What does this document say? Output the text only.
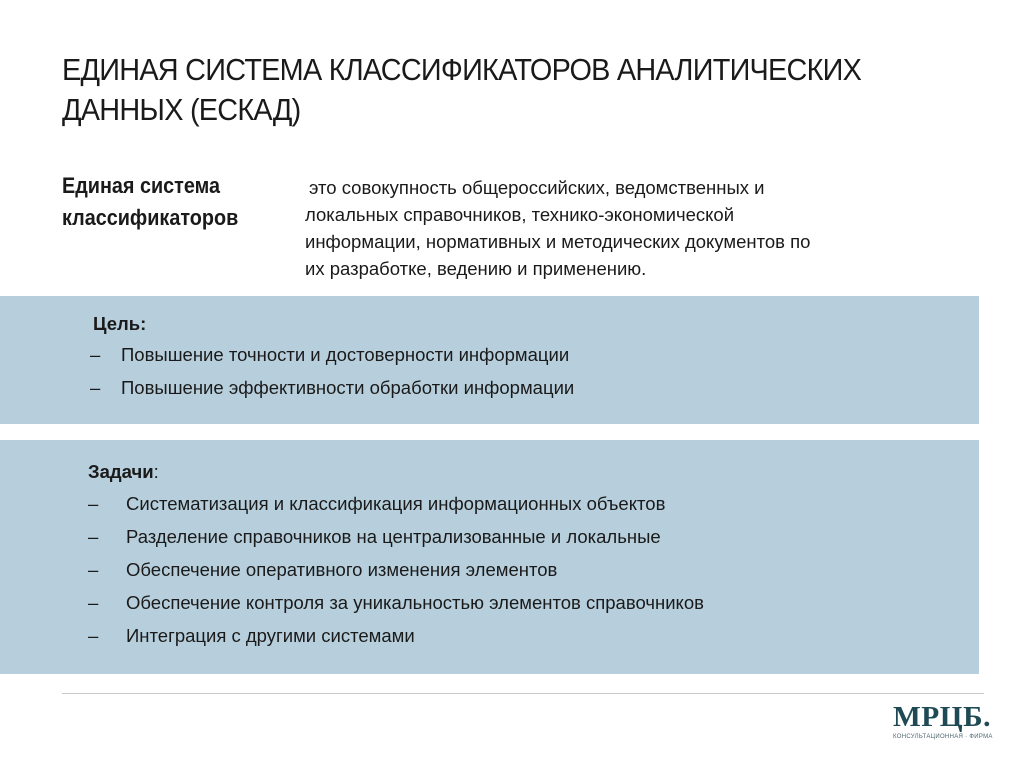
ЕДИНАЯ СИСТЕМА КЛАССИФИКАТОРОВ АНАЛИТИЧЕСКИХ
ДАННЫХ (ЕСКАД)
Единая система
классификаторов
это совокупность общероссийских, ведомственных и
локальных справочников, технико-экономической
информации, нормативных и методических документов по
их разработке, ведению и применению.
Цель:
– Повышение точности и достоверности информации
– Повышение эффективности обработки информации
Задачи:
– Систематизация и классификация информационных объектов
– Разделение справочников на централизованные и локальные
– Обеспечение оперативного изменения элементов
– Обеспечение контроля за уникальностью элементов справочников
– Интеграция с другими системами
МРЦБ.
КОНСУЛЬТАЦИОННАЯ · ФИРМА
